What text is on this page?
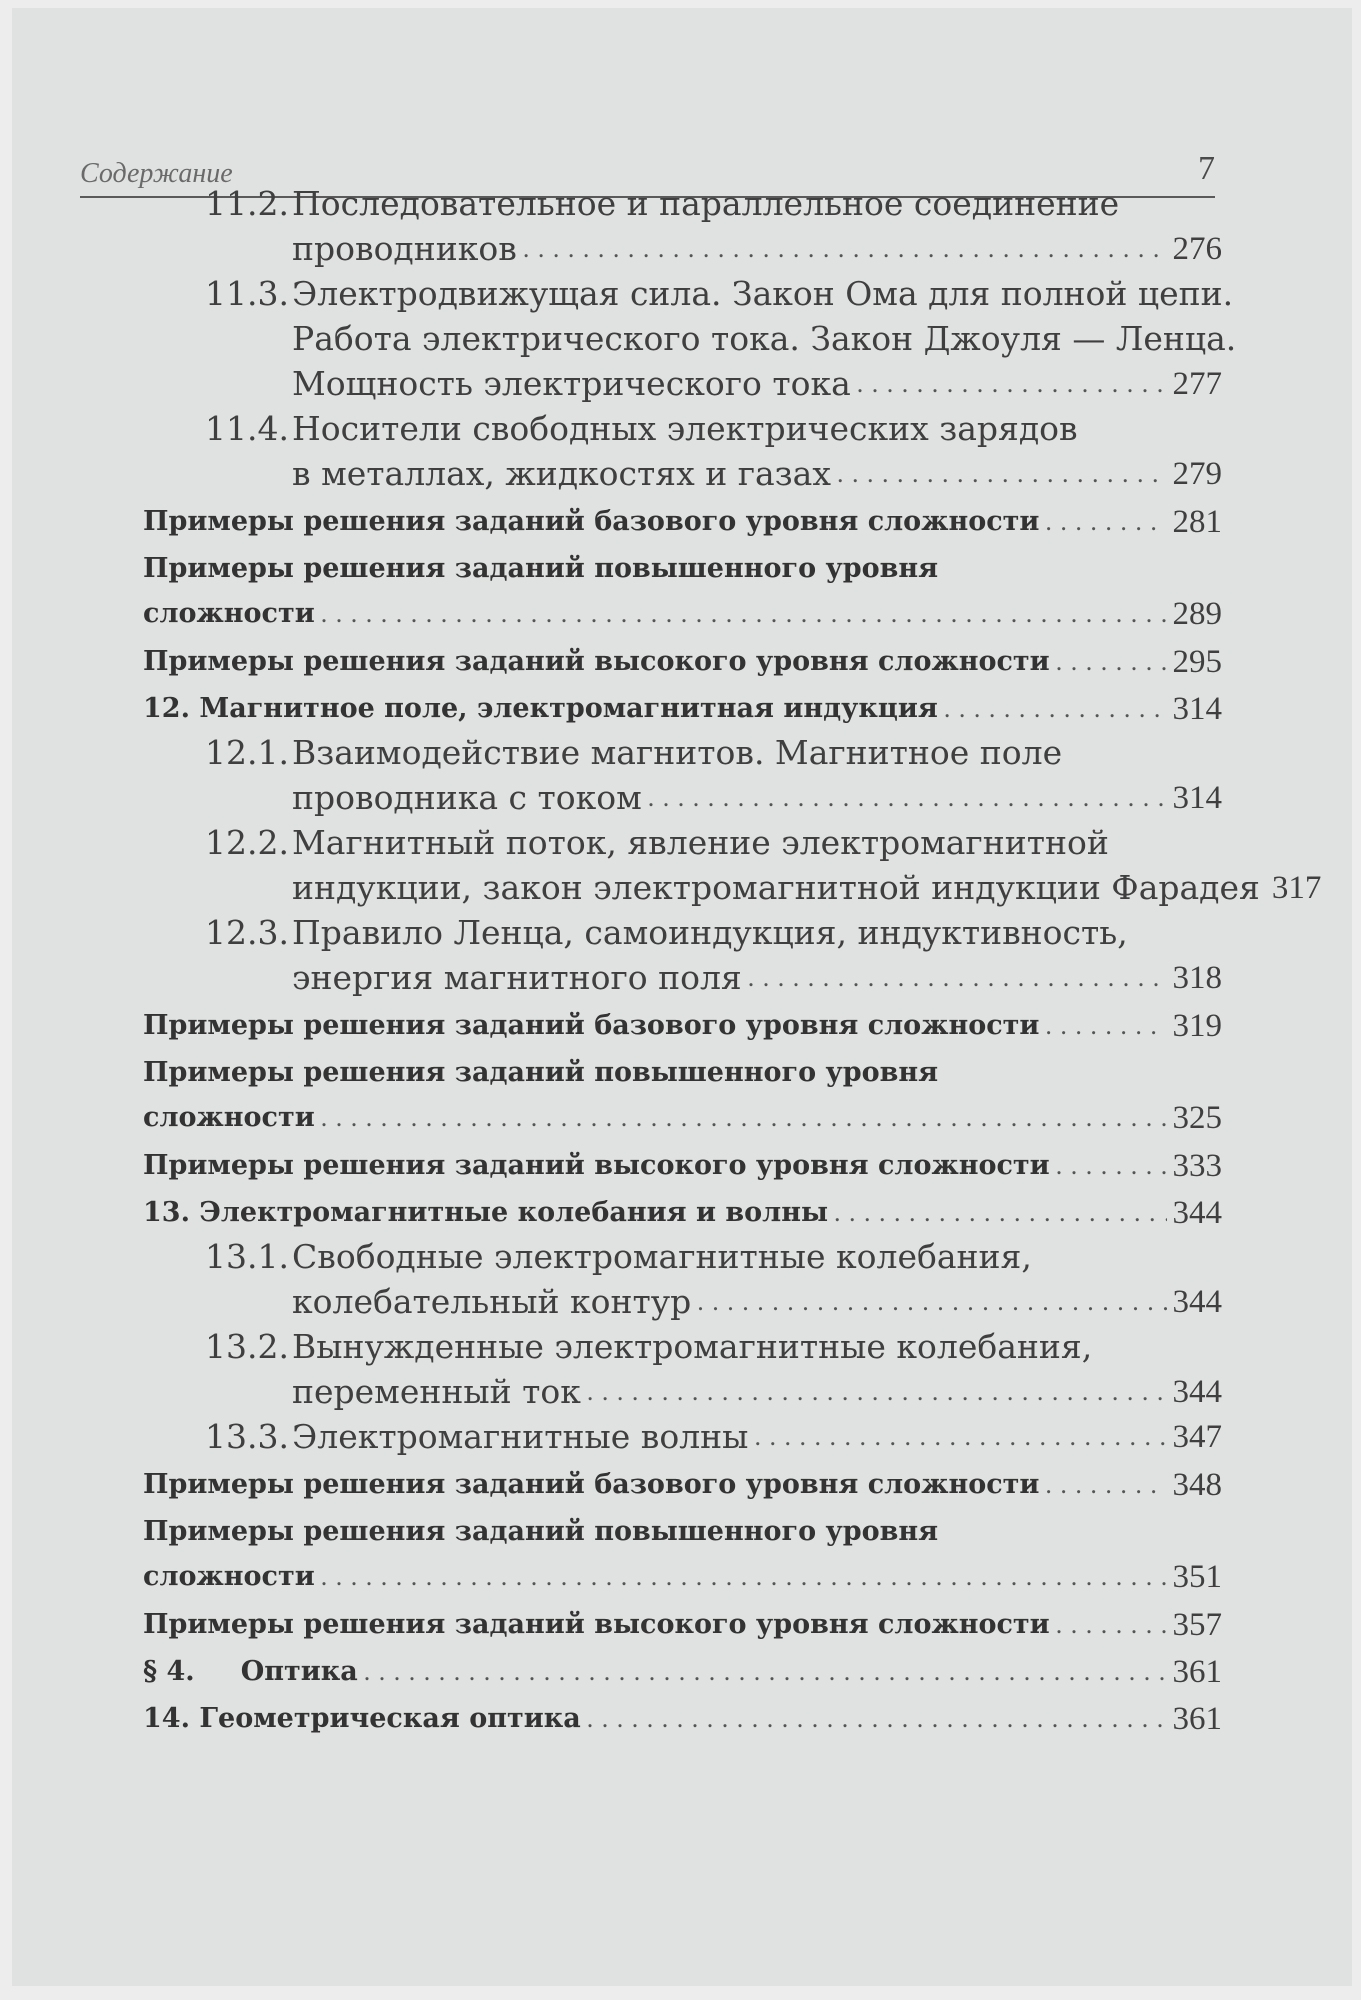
Содержание	7
11.2. Последовательное и параллельное соединение
проводников . . .	276
11.3. Электродвижущая сила. Закон Ома для полной цепи.
Работа электрического тока. Закон Джоуля — Ленца.
Мощность электрического тока . . .	277
11.4. Носители свободных электрических зарядов
в металлах, жидкостях и газах . . .	279
Примеры решения заданий базового уровня сложности . . .	281
Примеры решения заданий повышенного уровня
сложности . . .	289
Примеры решения заданий высокого уровня сложности . . .	295
12. Магнитное поле, электромагнитная индукция . . .	314
12.1. Взаимодействие магнитов. Магнитное поле
проводника с током . . .	314
12.2. Магнитный поток, явление электромагнитной
индукции, закон электромагнитной индукции Фарадея 317
12.3. Правило Ленца, самоиндукция, индуктивность,
энергия магнитного поля . . .	318
Примеры решения заданий базового уровня сложности . . .	319
Примеры решения заданий повышенного уровня
сложности . . .	325
Примеры решения заданий высокого уровня сложности . . .	333
13. Электромагнитные колебания и волны . . .	344
13.1. Свободные электромагнитные колебания,
колебательный контур . . .	344
13.2. Вынужденные электромагнитные колебания,
переменный ток . . .	344
13.3. Электромагнитные волны . . .	347
Примеры решения заданий базового уровня сложности . . .	348
Примеры решения заданий повышенного уровня
сложности . . .	351
Примеры решения заданий высокого уровня сложности . . .	357
§ 4. Оптика . . .	361
14. Геометрическая оптика . . .	361
